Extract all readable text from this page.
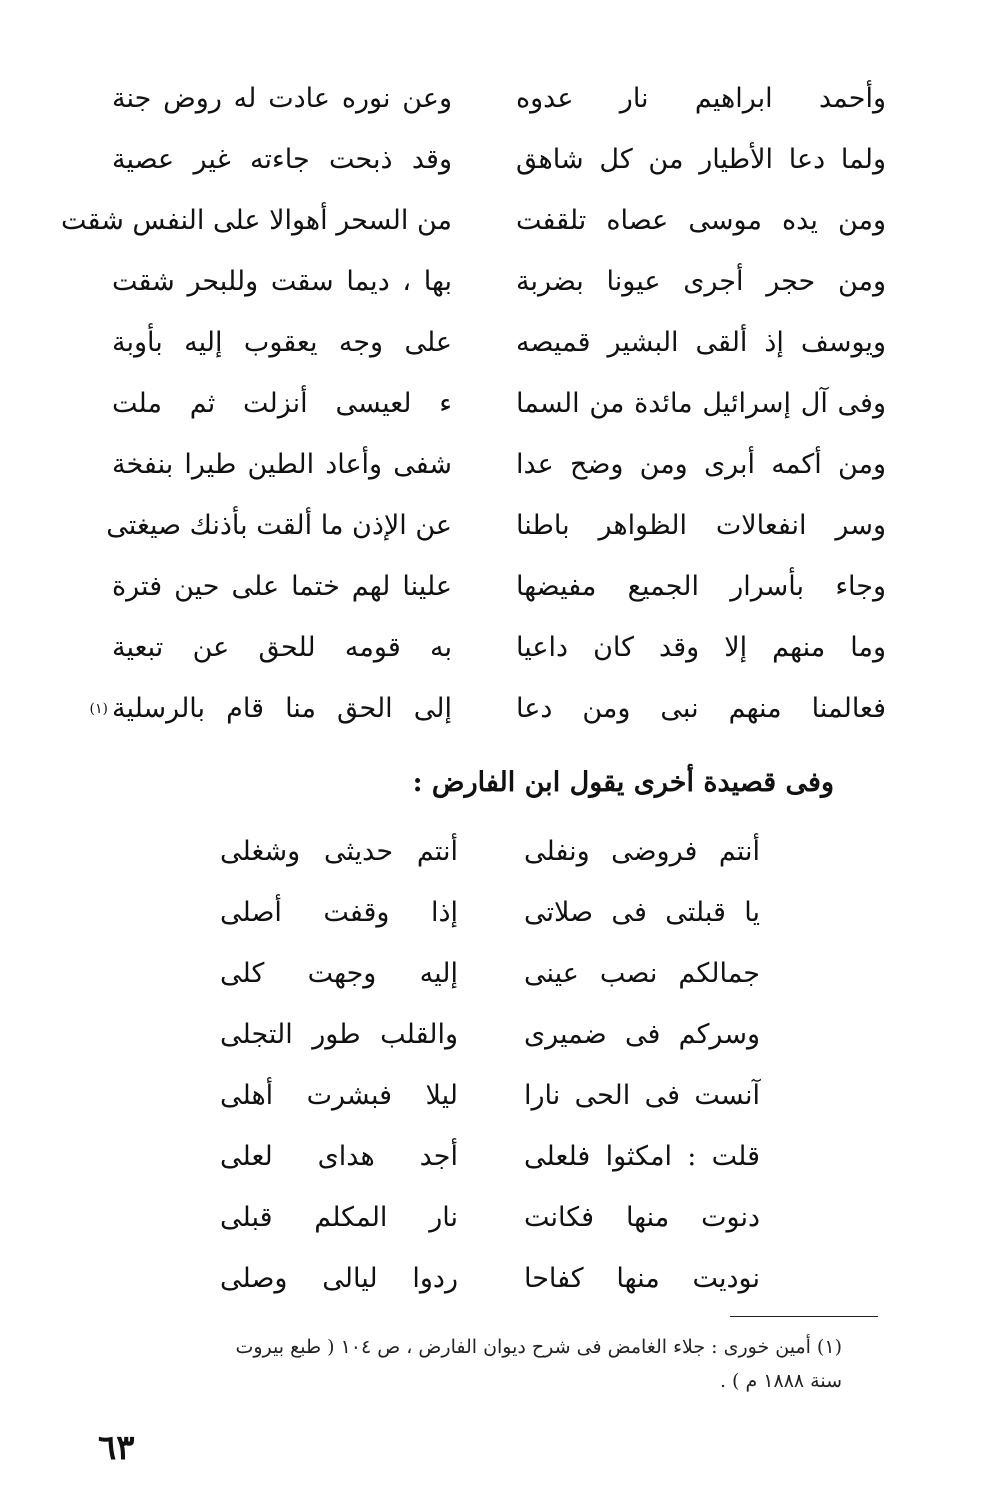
وأحمد ابراهيم نار عدوه
وعن نوره عادت له روض جنة
ولما دعا الأطيار من كل شاهق
وقد ذبحت جاءته غير عصية
ومن يده موسى عصاه تلقفت
من السحر أهوالا على النفس شقت
ومن حجر أجرى عيونا بضربة
بها ، ديما سقت وللبحر شقت
ويوسف إذ ألقى البشير قميصه
على وجه يعقوب إليه بأوبة
وفى آل إسرائيل مائدة من السما
ء لعيسى أنزلت ثم ملت
ومن أكمه أبرى ومن وضح عدا
شفى وأعاد الطين طيرا بنفخة
وسر انفعالات الظواهر باطنا
عن الإذن ما ألقت بأذنك صيغتى
وجاء بأسرار الجميع مفيضها
علينا لهم ختما على حين فترة
وما منهم إلا وقد كان داعيا
به قومه للحق عن تبعية
فعالمنا منهم نبى ومن دعا
إلى الحق منا قام بالرسلية
(١)
وفى قصيدة أخرى يقول ابن الفارض :
أنتم فروضى ونفلى
أنتم حديثى وشغلى
يا قبلتى فى صلاتى
إذا وقفت أصلى
جمالكم نصب عينى
إليه وجهت كلى
وسركم فى ضميرى
والقلب طور التجلى
آنست فى الحى نارا
ليلا فبشرت أهلى
قلت : امكثوا فلعلى
أجد هداى لعلى
دنوت منها فكانت
نار المكلم قبلى
نوديت منها كفاحا
ردوا ليالى وصلى
(١) أمين خورى : جلاء الغامض فى شرح ديوان الفارض ، ص ١٠٤ ( طبع بيروت
سنة ١٨٨٨ م ) .
٦٣
